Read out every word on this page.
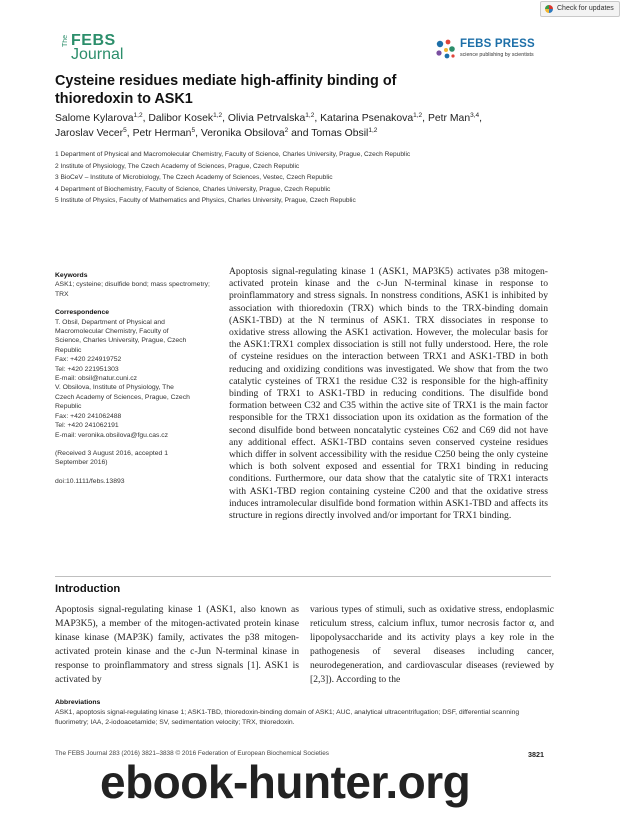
Check for updates
The FEBS
Journal
FEBS PRESS
science publishing by scientists
Cysteine residues mediate high-affinity binding of
thioredoxin to ASK1
Salome Kylarova$^{1,2}$, Dalibor Kosek$^{1,2}$, Olivia Petrvalska$^{1,2}$, Katarina Psenakova$^{1,2}$, Petr Man$^{3,4}$,
Jaroslav Vecer$^5$, Petr Herman$^5$, Veronika Obsilova$^2$ and Tomas Obsil$^{1,2}$
1 Department of Physical and Macromolecular Chemistry, Faculty of Science, Charles University, Prague, Czech Republic
2 Institute of Physiology, The Czech Academy of Sciences, Prague, Czech Republic
3 BioCeV – Institute of Microbiology, The Czech Academy of Sciences, Vestec, Czech Republic
4 Department of Biochemistry, Faculty of Science, Charles University, Prague, Czech Republic
5 Institute of Physics, Faculty of Mathematics and Physics, Charles University, Prague, Czech Republic
Keywords
ASK1; cysteine; disulfide bond; mass spectrometry; TRX
Correspondence
T. Obsil, Department of Physical and
Macromolecular Chemistry, Faculty of
Science, Charles University, Prague, Czech
Republic
Fax: +420 224919752
Tel: +420 221951303
E-mail: obsil@natur.cuni.cz
V. Obsilova, Institute of Physiology, The
Czech Academy of Sciences, Prague, Czech
Republic
Fax: +420 241062488
Tel: +420 241062191
E-mail: veronika.obsilova@fgu.cas.cz
(Received 3 August 2016, accepted 1
September 2016)
doi:10.1111/febs.13893
Apoptosis signal-regulating kinase 1 (ASK1, MAP3K5) activates p38 mitogen-activated protein kinase and the c-Jun N-terminal kinase in response to proinflammatory and stress signals. In nonstress conditions, ASK1 is inhibited by association with thioredoxin (TRX) which binds to the TRX-binding domain (ASK1-TBD) at the N terminus of ASK1. TRX dissociates in response to oxidative stress allowing the ASK1 activation. However, the molecular basis for the ASK1:TRX1 complex dissociation is still not fully understood. Here, the role of cysteine residues on the interaction between TRX1 and ASK1-TBD in both reducing and oxidizing conditions was investigated. We show that from the two catalytic cysteines of TRX1 the residue C32 is responsible for the high-affinity binding of TRX1 to ASK1-TBD in reducing conditions. The disulfide bond formation between C32 and C35 within the active site of TRX1 is the main factor responsible for the TRX1 dissociation upon its oxidation as the formation of the second disulfide bond between noncatalytic cysteines C62 and C69 did not have any additional effect. ASK1-TBD contains seven conserved cysteine residues which differ in solvent accessibility with the residue C250 being the only cysteine which is both solvent exposed and essential for TRX1 binding in reducing conditions. Furthermore, our data show that the catalytic site of TRX1 interacts with ASK1-TBD region containing cysteine C200 and that the oxidative stress induces intramolecular disulfide bond formation within ASK1-TBD and affects its structure in regions directly involved and/or important for TRX1 binding.
Introduction
Apoptosis signal-regulating kinase 1 (ASK1, also known as MAP3K5), a member of the mitogen-activated protein kinase kinase kinase (MAP3K) family, activates the p38 mitogen-activated protein kinase and the c-Jun N-terminal kinase in response to proinflammatory and stress signals [1]. ASK1 is activated by
various types of stimuli, such as oxidative stress, endoplasmic reticulum stress, calcium influx, tumor necrosis factor α, and lipopolysaccharide and its activity plays a key role in the pathogenesis of several diseases including cancer, neurodegeneration, and cardiovascular diseases (reviewed by [2,3]). According to the
Abbreviations
ASK1, apoptosis signal-regulating kinase 1; ASK1-TBD, thioredoxin-binding domain of ASK1; AUC, analytical ultracentrifugation; DSF, differential scanning fluorimetry; IAA, 2-iodoacetamide; SV, sedimentation velocity; TRX, thioredoxin.
The FEBS Journal 283 (2016) 3821–3838 © 2016 Federation of European Biochemical Societies	3821
ebook-hunter.org
